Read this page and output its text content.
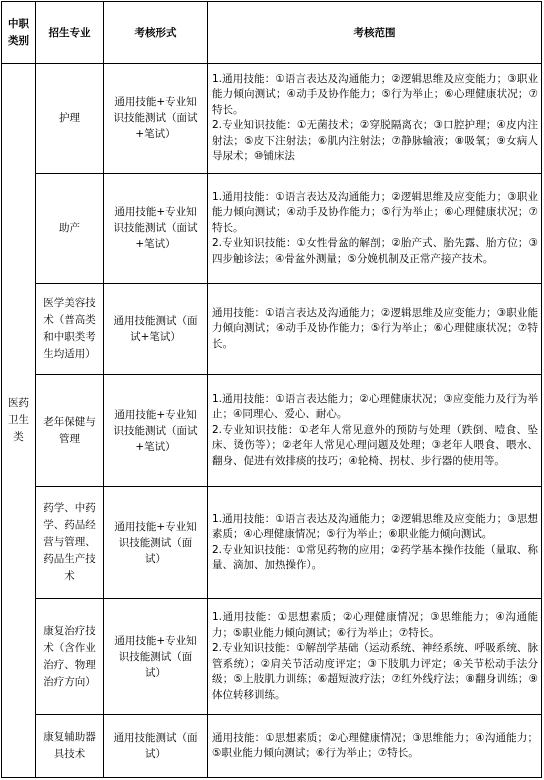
中职类别	招生专业	考核形式	考核范围

医药卫生类	护理	通用技能+专业知识技能测试（面试+笔试）	1.通用技能：①语言表达及沟通能力；②逻辑思维及应变能力；③职业能力倾向测试；④动手及协作能力；⑤行为举止；⑥心理健康状况；⑦特长。
2.专业知识技能：①无菌技术；②穿脱隔离衣；③口腔护理；④皮内注射法；⑤皮下注射法；⑥肌内注射法；⑦静脉输液；⑧吸氧；⑨女病人导尿术；⑩铺床法

	助产	通用技能+专业知识技能测试（面试+笔试）	1.通用技能：①语言表达及沟通能力；②逻辑思维及应变能力；③职业能力倾向测试；④动手及协作能力；⑤行为举止；⑥心理健康状况；⑦特长。
2.专业知识技能：①女性骨盆的解剖；②胎产式、胎先露、胎方位；③四步触诊法；④骨盆外测量；⑤分娩机制及正常产接产技术。

	医学美容技术（普高类和中职类考生均适用）	通用技能测试（面试+笔试）	通用技能：①语言表达及沟通能力；②逻辑思维及应变能力；③职业能力倾向测试；④动手及协作能力；⑤行为举止；⑥心理健康状况；⑦特长。

	老年保健与管理	通用技能+专业知识技能测试（面试+笔试）	1.通用技能：①语言表达能力；②心理健康状况；③应变能力及行为举止；④同理心、爱心、耐心。
2.专业知识技能：①老年人常见意外的预防与处理（跌倒、噎食、坠床、烫伤等）；②老年人常见心理问题及处理；③老年人喂食、喂水、翻身、促进有效排痰的技巧；④轮椅、拐杖、步行器的使用等。

	药学、中药学、药品经营与管理、药品生产技术	通用技能+专业知识技能测试（面试）	1.通用技能：①语言表达及沟通能力；②逻辑思维及应变能力；③思想素质；④心理健康情况；⑤行为举止；⑥职业能力倾向测试。
2.专业知识技能：①常见药物的应用；②药学基本操作技能（量取、称量、滴加、加热操作）。

	康复治疗技术（含作业治疗、物理治疗方向）	通用技能+专业知识技能测试（面试）	1.通用技能：①思想素质；②心理健康情况；③思维能力；④沟通能力；⑤职业能力倾向测试；⑥行为举止；⑦特长。
2.专业知识技能：①解剖学基础（运动系统、神经系统、呼吸系统、脉管系统）；②肩关节活动度评定；③下肢肌力评定；④关节松动手法分级；⑤上肢肌力训练；⑥超短波疗法；⑦红外线疗法；⑧翻身训练；⑨体位转移训练。

	康复辅助器具技术	通用技能测试（面试）	通用技能：①思想素质；②心理健康情况；③思维能力；④沟通能力；⑤职业能力倾向测试；⑥行为举止；⑦特长。
